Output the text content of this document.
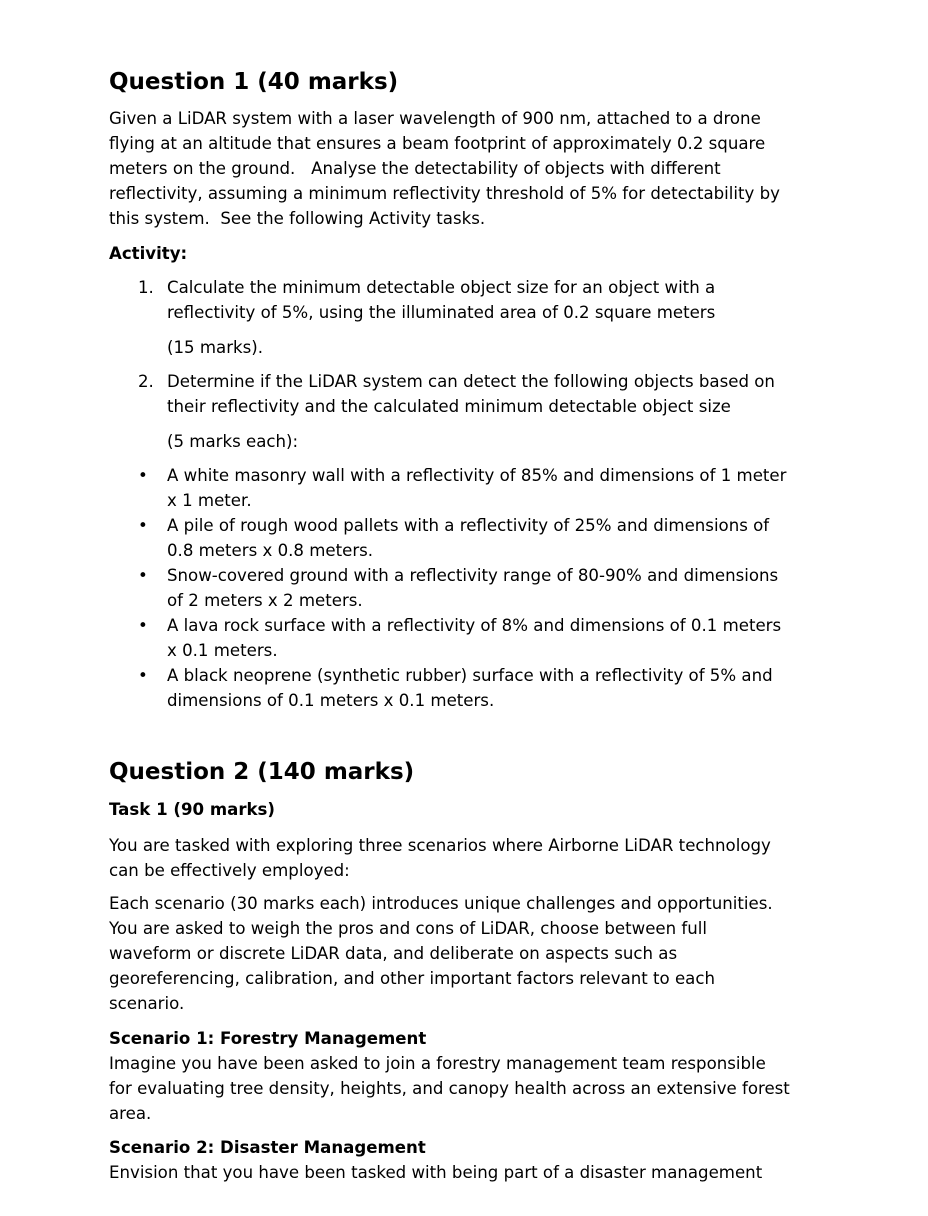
Question 1 (40 marks)
Given a LiDAR system with a laser wavelength of 900 nm, attached to a drone
flying at an altitude that ensures a beam footprint of approximately 0.2 square
meters on the ground.   Analyse the detectability of objects with different
reflectivity, assuming a minimum reflectivity threshold of 5% for detectability by
this system.  See the following Activity tasks.
Activity:
1. Calculate the minimum detectable object size for an object with a
reflectivity of 5%, using the illuminated area of 0.2 square meters
(15 marks).
2. Determine if the LiDAR system can detect the following objects based on
their reflectivity and the calculated minimum detectable object size
(5 marks each):
• A white masonry wall with a reflectivity of 85% and dimensions of 1 meter
x 1 meter.
• A pile of rough wood pallets with a reflectivity of 25% and dimensions of
0.8 meters x 0.8 meters.
• Snow-covered ground with a reflectivity range of 80-90% and dimensions
of 2 meters x 2 meters.
• A lava rock surface with a reflectivity of 8% and dimensions of 0.1 meters
x 0.1 meters.
• A black neoprene (synthetic rubber) surface with a reflectivity of 5% and
dimensions of 0.1 meters x 0.1 meters.
Question 2 (140 marks)
Task 1 (90 marks)
You are tasked with exploring three scenarios where Airborne LiDAR technology
can be effectively employed:
Each scenario (30 marks each) introduces unique challenges and opportunities.
You are asked to weigh the pros and cons of LiDAR, choose between full
waveform or discrete LiDAR data, and deliberate on aspects such as
georeferencing, calibration, and other important factors relevant to each
scenario.
Scenario 1: Forestry Management
Imagine you have been asked to join a forestry management team responsible
for evaluating tree density, heights, and canopy health across an extensive forest
area.
Scenario 2: Disaster Management
Envision that you have been tasked with being part of a disaster management
